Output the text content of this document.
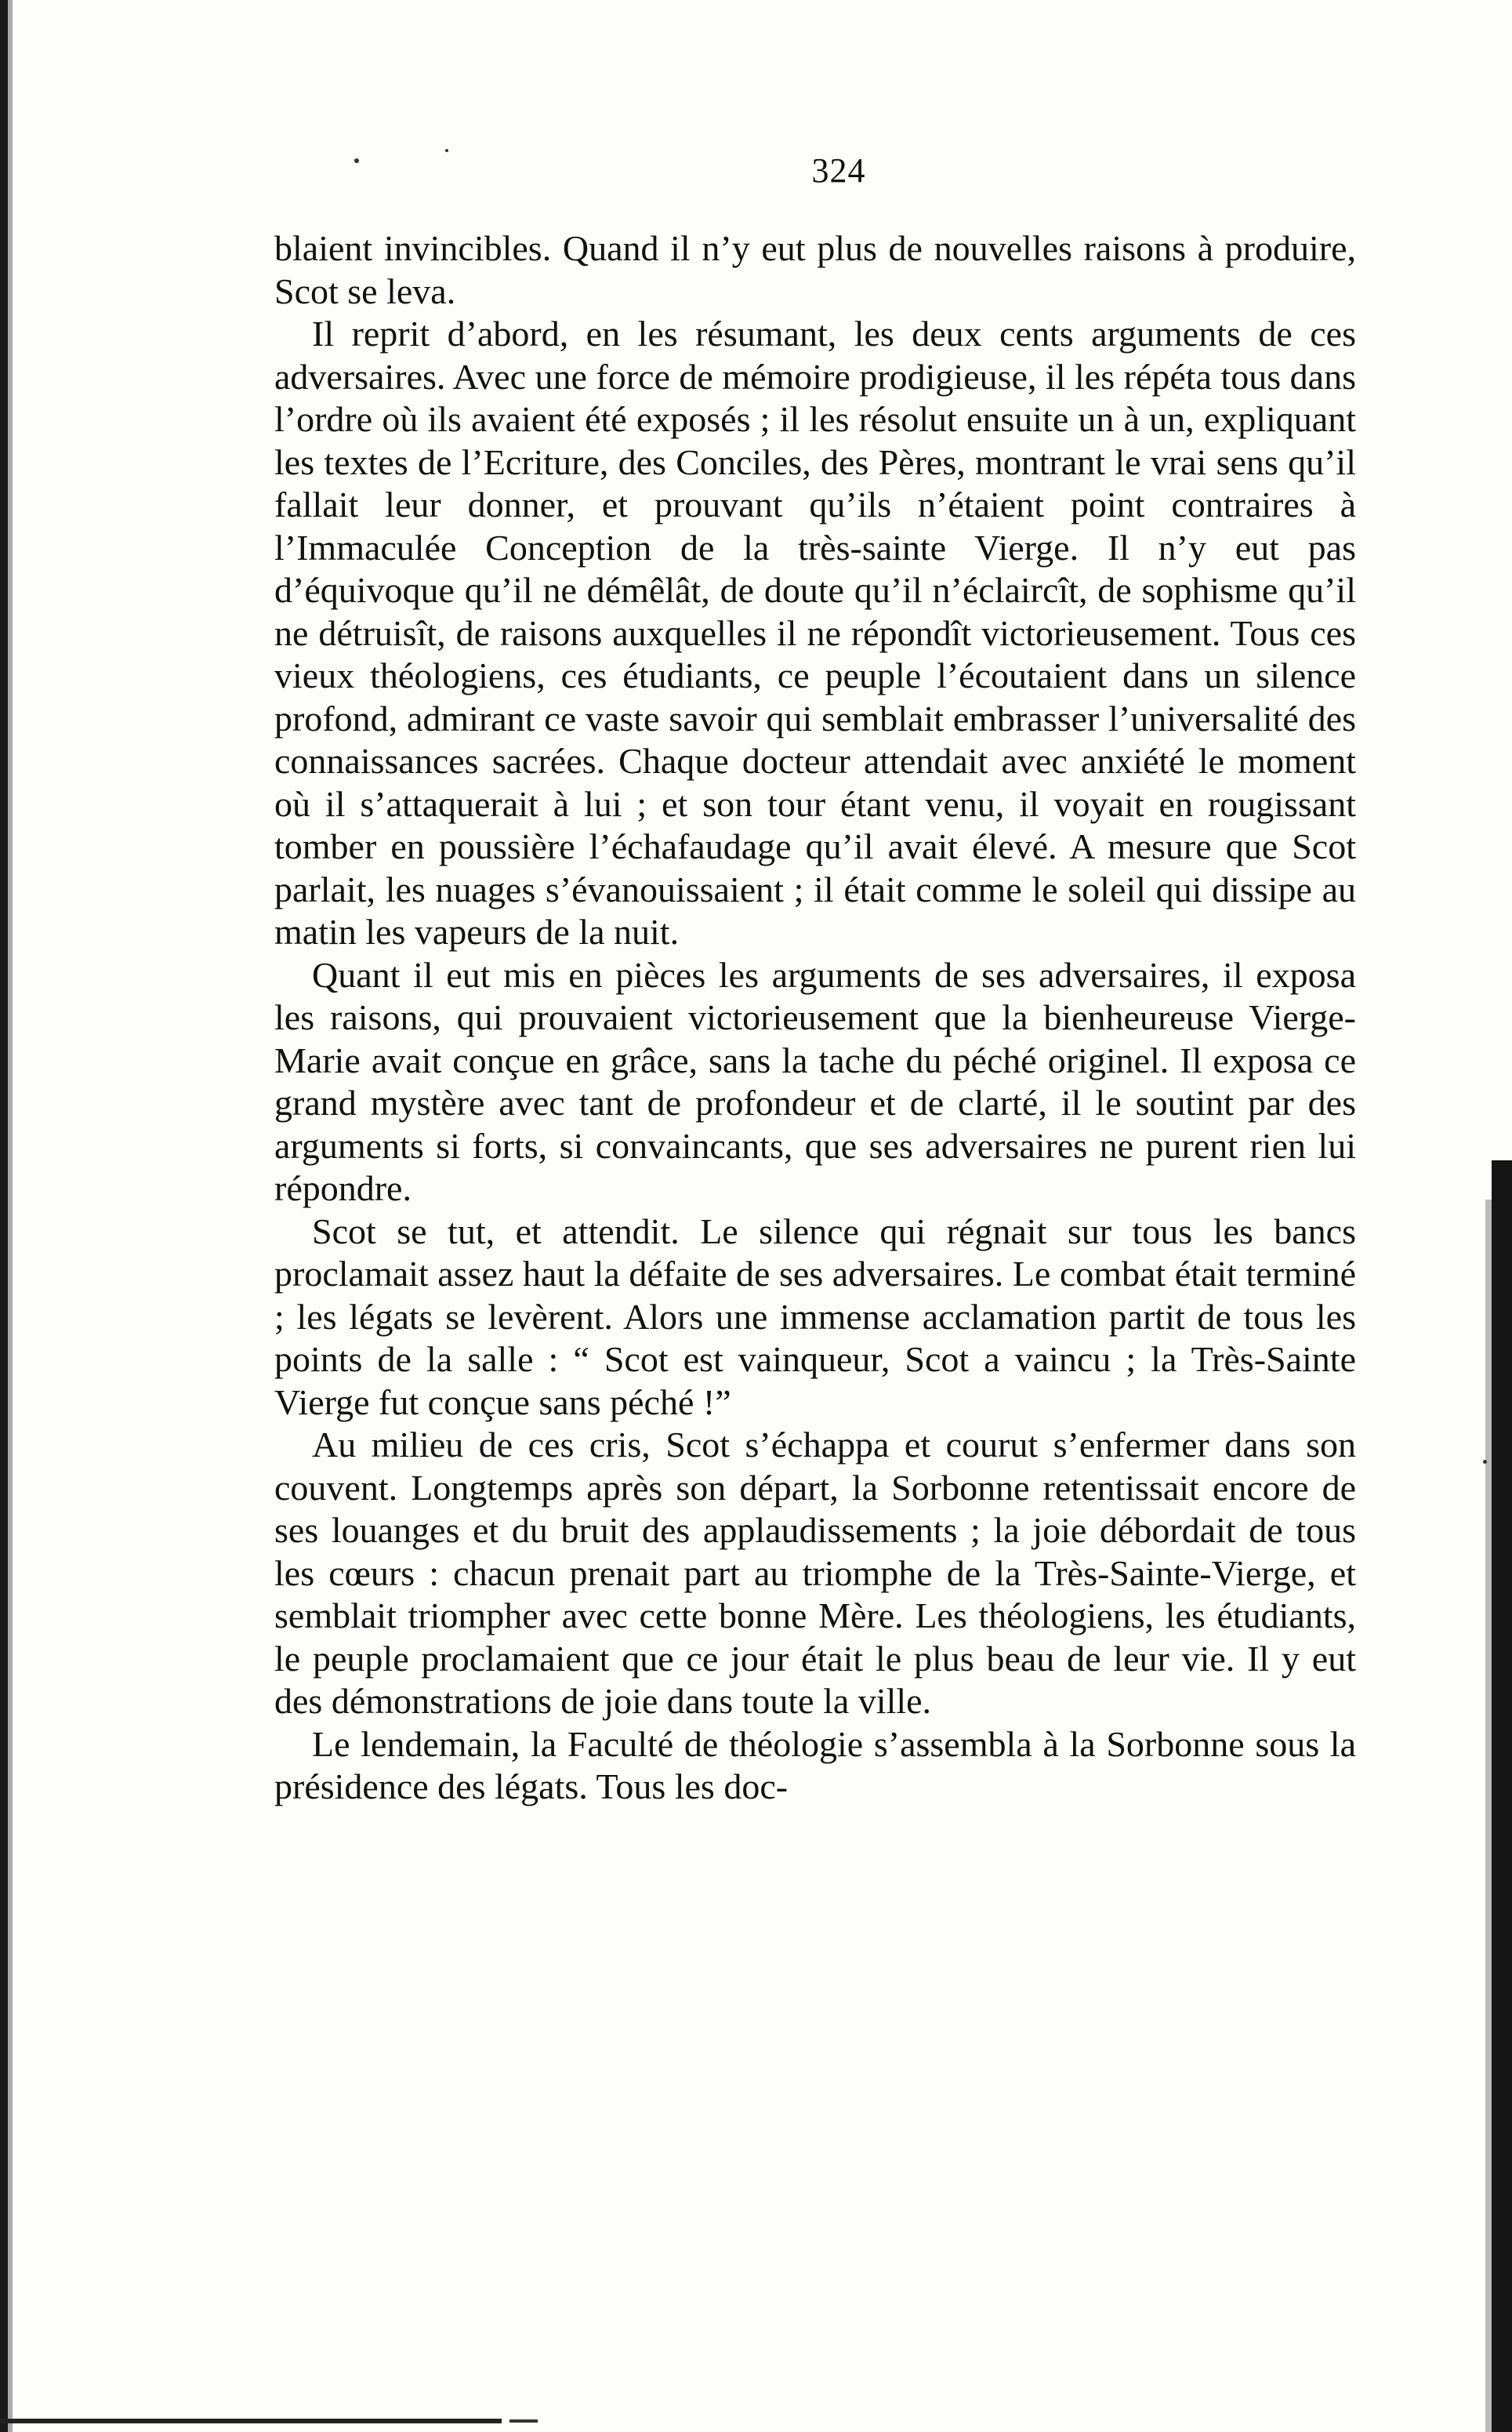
324

blaient invincibles. Quand il n’y eut plus de nouvelles raisons à produire, Scot se leva.

Il reprit d’abord, en les résumant, les deux cents arguments de ces adversaires. Avec une force de mémoire prodigieuse, il les répéta tous dans l’ordre où ils avaient été exposés ; il les résolut ensuite un à un, expliquant les textes de l’Ecriture, des Conciles, des Pères, montrant le vrai sens qu’il fallait leur donner, et prouvant qu’ils n’étaient point contraires à l’Immaculée Conception de la très-sainte Vierge. Il n’y eut pas d’équivoque qu’il ne démêlât, de doute qu’il n’éclaircît, de sophisme qu’il ne détruisît, de raisons auxquelles il ne répondît victorieusement. Tous ces vieux théologiens, ces étudiants, ce peuple l’écoutaient dans un silence profond, admirant ce vaste savoir qui semblait embrasser l’universalité des connaissances sacrées. Chaque docteur attendait avec anxiété le moment où il s’attaquerait à lui ; et son tour étant venu, il voyait en rougissant tomber en poussière l’échafaudage qu’il avait élevé. A mesure que Scot parlait, les nuages s’évanouissaient ; il était comme le soleil qui dissipe au matin les vapeurs de la nuit.

Quant il eut mis en pièces les arguments de ses adversaires, il exposa les raisons, qui prouvaient victorieusement que la bienheureuse Vierge-Marie avait conçue en grâce, sans la tache du péché originel. Il exposa ce grand mystère avec tant de profondeur et de clarté, il le soutint par des arguments si forts, si convaincants, que ses adversaires ne purent rien lui répondre.

Scot se tut, et attendit. Le silence qui régnait sur tous les bancs proclamait assez haut la défaite de ses adversaires. Le combat était terminé ; les légats se levèrent. Alors une immense acclamation partit de tous les points de la salle : “ Scot est vainqueur, Scot a vaincu ; la Très-Sainte Vierge fut conçue sans péché !”

Au milieu de ces cris, Scot s’échappa et courut s’enfermer dans son couvent. Longtemps après son départ, la Sorbonne retentissait encore de ses louanges et du bruit des applaudissements ; la joie débordait de tous les cœurs : chacun prenait part au triomphe de la Très-Sainte-Vierge, et semblait triompher avec cette bonne Mère. Les théologiens, les étudiants, le peuple proclamaient que ce jour était le plus beau de leur vie. Il y eut des démonstrations de joie dans toute la ville.

Le lendemain, la Faculté de théologie s’assembla à la Sorbonne sous la présidence des légats. Tous les doc-
